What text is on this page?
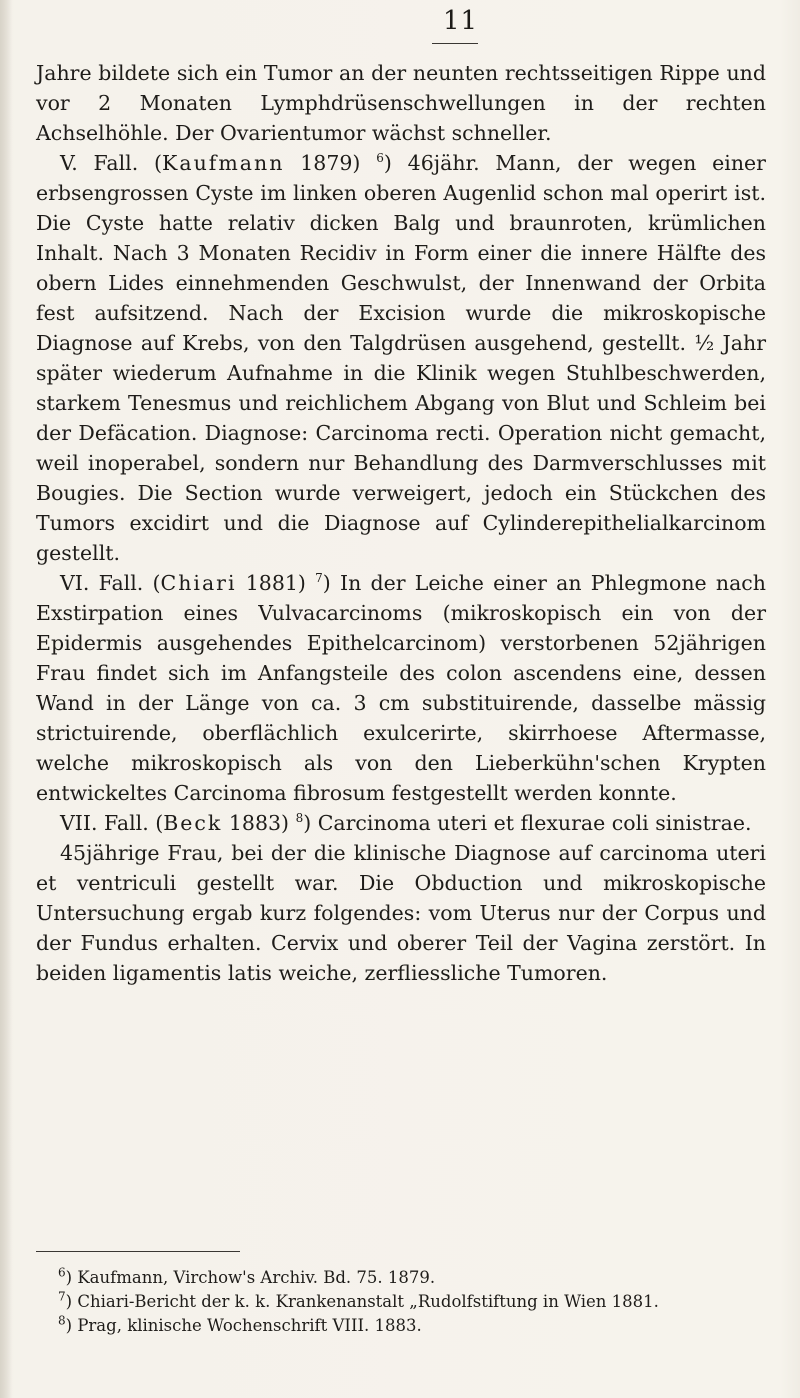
11

Jahre bildete sich ein Tumor an der neunten rechtsseitigen Rippe und vor 2 Monaten Lymphdrüsenschwellungen in der rechten Achselhöhle. Der Ovarientumor wächst schneller.

V. Fall. (Kaufmann 1879) $^6$) 46jähr. Mann, der wegen einer erbsengrossen Cyste im linken oberen Augenlid schon mal operirt ist. Die Cyste hatte relativ dicken Balg und braunroten, krümlichen Inhalt. Nach 3 Monaten Recidiv in Form einer die innere Hälfte des obern Lides einnehmenden Geschwulst, der Innenwand der Orbita fest aufsitzend. Nach der Excision wurde die mikroskopische Diagnose auf Krebs, von den Talgdrüsen ausgehend, gestellt. ½ Jahr später wiederum Aufnahme in die Klinik wegen Stuhlbeschwerden, starkem Tenesmus und reichlichem Abgang von Blut und Schleim bei der Defäcation. Diagnose: Carcinoma recti. Operation nicht gemacht, weil inoperabel, sondern nur Behandlung des Darmverschlusses mit Bougies. Die Section wurde verweigert, jedoch ein Stückchen des Tumors excidirt und die Diagnose auf Cylinderepithelialkarcinom gestellt.

VI. Fall. (Chiari 1881) $^7$) In der Leiche einer an Phlegmone nach Exstirpation eines Vulvacarcinoms (mikroskopisch ein von der Epidermis ausgehendes Epithelcarcinom) verstorbenen 52jährigen Frau findet sich im Anfangsteile des colon ascendens eine, dessen Wand in der Länge von ca. 3 cm substituirende, dasselbe mässig strictuirende, oberflächlich exulcerirte, skirrhoese Aftermasse, welche mikroskopisch als von den Lieberkühn'schen Krypten entwickeltes Carcinoma fibrosum festgestellt werden konnte.

VII. Fall. (Beck 1883) $^8$) Carcinoma uteri et flexurae coli sinistrae.

45jährige Frau, bei der die klinische Diagnose auf carcinoma uteri et ventriculi gestellt war. Die Obduction und mikroskopische Untersuchung ergab kurz folgendes: vom Uterus nur der Corpus und der Fundus erhalten. Cervix und oberer Teil der Vagina zerstört. In beiden ligamentis latis weiche, zerfliessliche Tumoren.

$^6$) Kaufmann, Virchow's Archiv. Bd. 75. 1879.
$^7$) Chiari-Bericht der k. k. Krankenanstalt „Rudolfstiftung in Wien 1881.
$^8$) Prag, klinische Wochenschrift VIII. 1883.
